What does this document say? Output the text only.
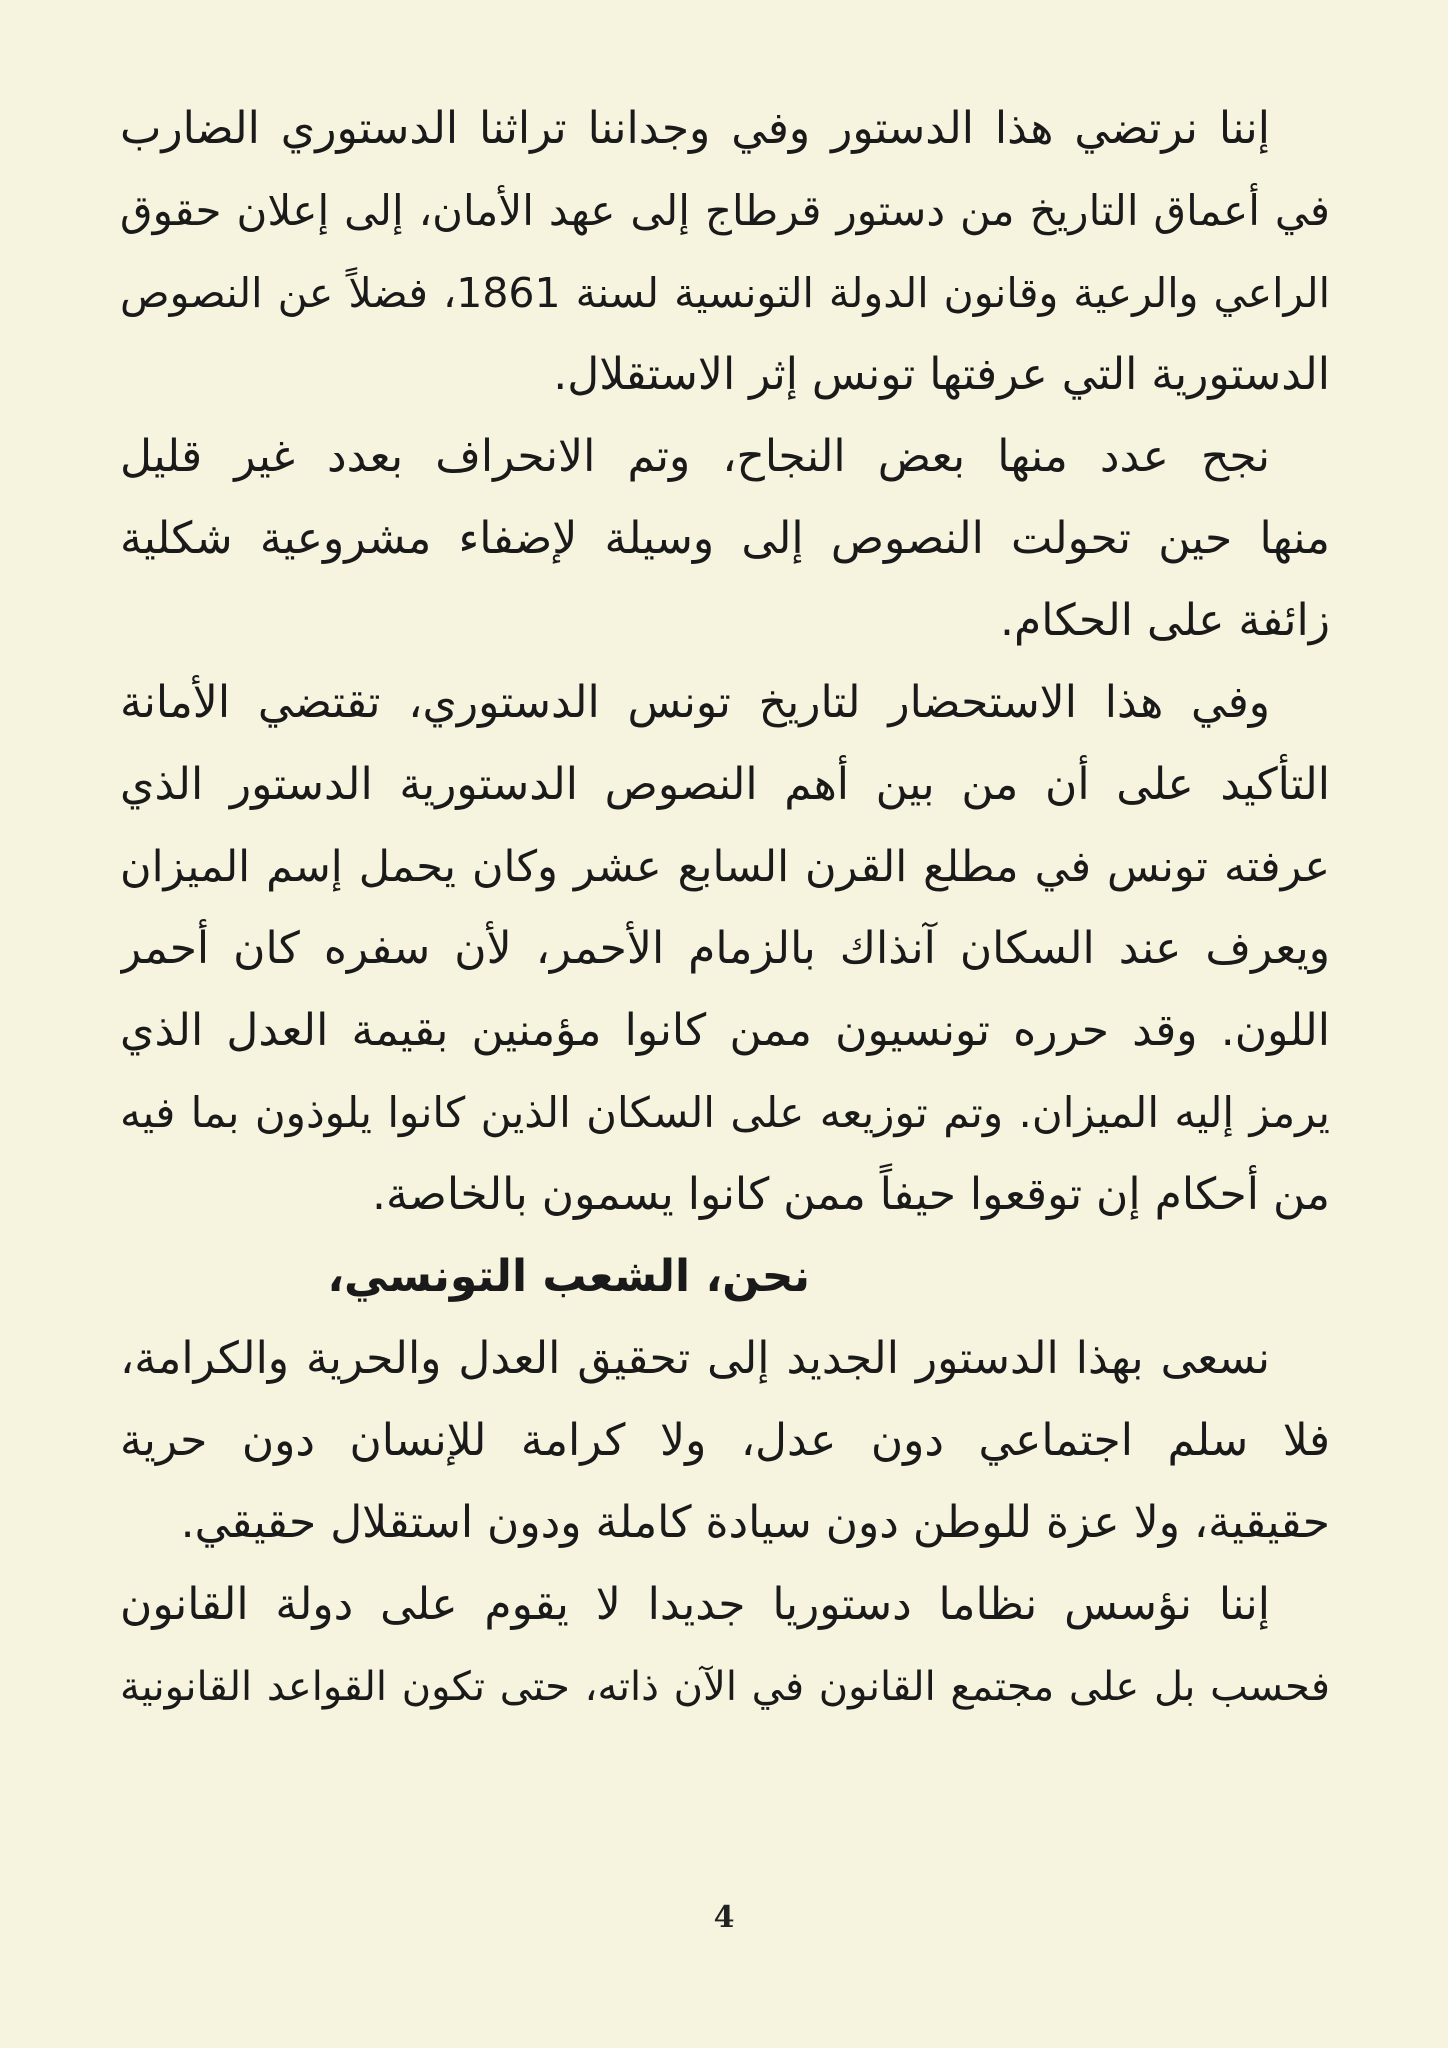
إننا نرتضي هذا الدستور وفي وجداننا تراثنا الدستوري الضارب
في أعماق التاريخ من دستور قرطاج إلى عهد الأمان، إلى إعلان حقوق
الراعي والرعية وقانون الدولة التونسية لسنة 1861، فضلاً عن النصوص
الدستورية التي عرفتها تونس إثر الاستقلال.
نجح عدد منها بعض النجاح، وتم الانحراف بعدد غير قليل
منها حين تحولت النصوص إلى وسيلة لإضفاء مشروعية شكلية
زائفة على الحكام.
وفي هذا الاستحضار لتاريخ تونس الدستوري، تقتضي الأمانة
التأكيد على أن من بين أهم النصوص الدستورية الدستور الذي
عرفته تونس في مطلع القرن السابع عشر وكان يحمل إسم الميزان
ويعرف عند السكان آنذاك بالزمام الأحمر، لأن سفره كان أحمر
اللون. وقد حرره تونسيون ممن كانوا مؤمنين بقيمة العدل الذي
يرمز إليه الميزان. وتم توزيعه على السكان الذين كانوا يلوذون بما فيه
من أحكام إن توقعوا حيفاً ممن كانوا يسمون بالخاصة.
نحن، الشعب التونسي،
نسعى بهذا الدستور الجديد إلى تحقيق العدل والحرية والكرامة،
فلا سلم اجتماعي دون عدل، ولا كرامة للإنسان دون حرية
حقيقية، ولا عزة للوطن دون سيادة كاملة ودون استقلال حقيقي.
إننا نؤسس نظاما دستوريا جديدا لا يقوم على دولة القانون
فحسب بل على مجتمع القانون في الآن ذاته، حتى تكون القواعد القانونية
4
